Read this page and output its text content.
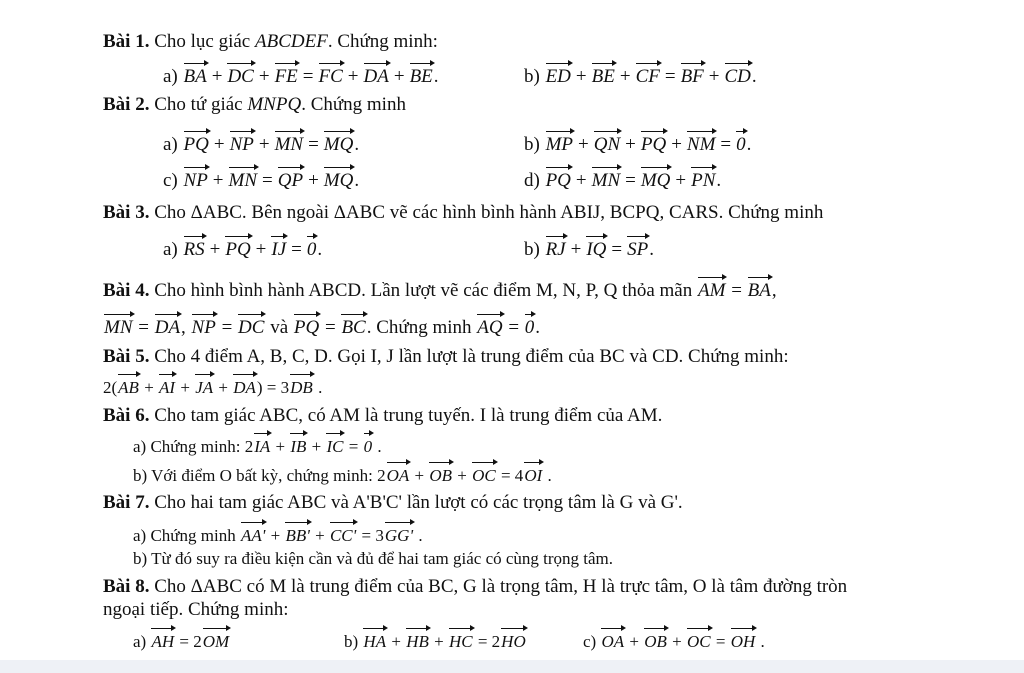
Bài 1. Cho lục giác ABCDEF. Chứng minh:
a) BA + DC + FE = FC + DA + BE.	b) ED + BE + CF = BF + CD.
Bài 2. Cho tứ giác MNPQ. Chứng minh
a) PQ + NP + MN = MQ.	b) MP + QN + PQ + NM = 0.
c) NP + MN = QP + MQ.	d) PQ + MN = MQ + PN.
Bài 3. Cho ΔABC. Bên ngoài ΔABC vẽ các hình bình hành ABIJ, BCPQ, CARS. Chứng minh
a) RS + PQ + IJ = 0.	b) RJ + IQ = SP.
Bài 4. Cho hình bình hành ABCD. Lần lượt vẽ các điểm M, N, P, Q thỏa mãn AM = BA,
MN = DA, NP = DC và PQ = BC. Chứng minh AQ = 0.
Bài 5. Cho 4 điểm A, B, C, D. Gọi I, J lần lượt là trung điểm của BC và CD. Chứng minh:
2(AB + AI + JA + DA) = 3DB .
Bài 6. Cho tam giác ABC, có AM là trung tuyến. I là trung điểm của AM.
a) Chứng minh: 2IA + IB + IC = 0 .
b) Với điểm O bất kỳ, chứng minh: 2OA + OB + OC = 4OI .
Bài 7. Cho hai tam giác ABC và A'B'C' lần lượt có các trọng tâm là G và G'.
a) Chứng minh AA' + BB' + CC' = 3GG' .
b) Từ đó suy ra điều kiện cần và đủ để hai tam giác có cùng trọng tâm.
Bài 8. Cho ΔABC có M là trung điểm của BC, G là trọng tâm, H là trực tâm, O là tâm đường tròn
ngoại tiếp. Chứng minh:
a) AH = 2OM	b) HA + HB + HC = 2HO	c) OA + OB + OC = OH .
